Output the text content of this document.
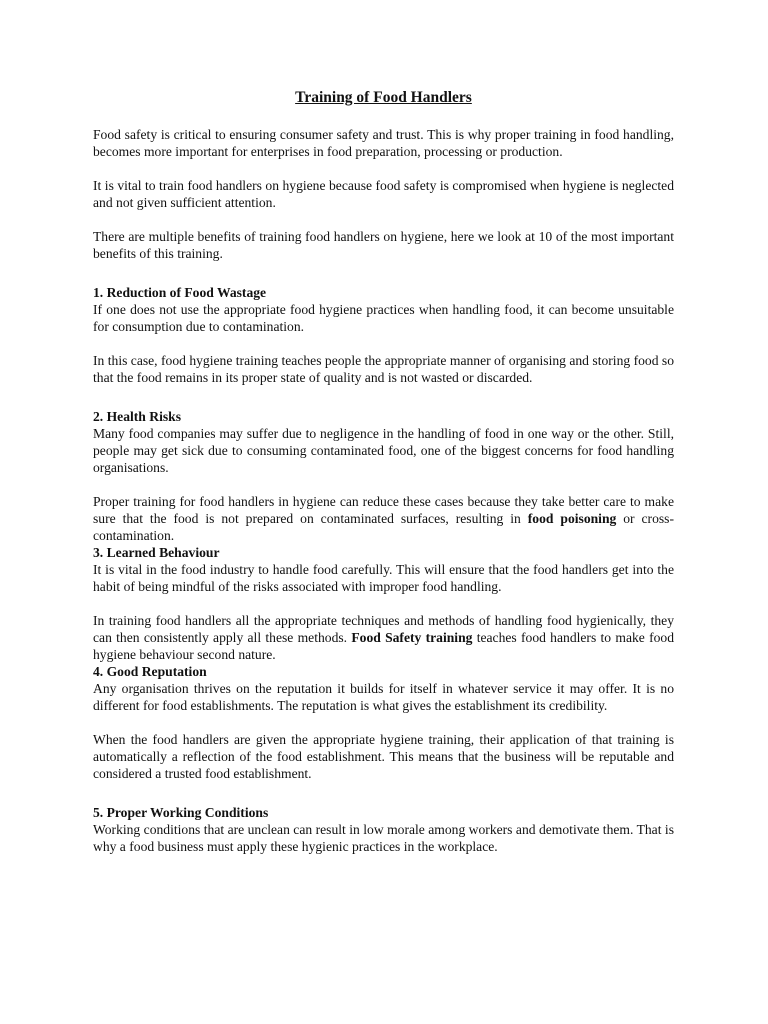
Training of Food Handlers

Food safety is critical to ensuring consumer safety and trust. This is why proper training in food handling, becomes more important for enterprises in food preparation, processing or production.

It is vital to train food handlers on hygiene because food safety is compromised when hygiene is neglected and not given sufficient attention.

There are multiple benefits of training food handlers on hygiene, here we look at 10 of the most important benefits of this training.

1. Reduction of Food Wastage

If one does not use the appropriate food hygiene practices when handling food, it can become unsuitable for consumption due to contamination.

In this case, food hygiene training teaches people the appropriate manner of organising and storing food so that the food remains in its proper state of quality and is not wasted or discarded.

2. Health Risks

Many food companies may suffer due to negligence in the handling of food in one way or the other. Still, people may get sick due to consuming contaminated food, one of the biggest concerns for food handling organisations.

Proper training for food handlers in hygiene can reduce these cases because they take better care to make sure that the food is not prepared on contaminated surfaces, resulting in food poisoning or cross-contamination.

3. Learned Behaviour

It is vital in the food industry to handle food carefully. This will ensure that the food handlers get into the habit of being mindful of the risks associated with improper food handling.

In training food handlers all the appropriate techniques and methods of handling food hygienically, they can then consistently apply all these methods. Food Safety training teaches food handlers to make food hygiene behaviour second nature.

4. Good Reputation

Any organisation thrives on the reputation it builds for itself in whatever service it may offer. It is no different for food establishments. The reputation is what gives the establishment its credibility.

When the food handlers are given the appropriate hygiene training, their application of that training is automatically a reflection of the food establishment. This means that the business will be reputable and considered a trusted food establishment.

5. Proper Working Conditions

Working conditions that are unclean can result in low morale among workers and demotivate them. That is why a food business must apply these hygienic practices in the workplace.
